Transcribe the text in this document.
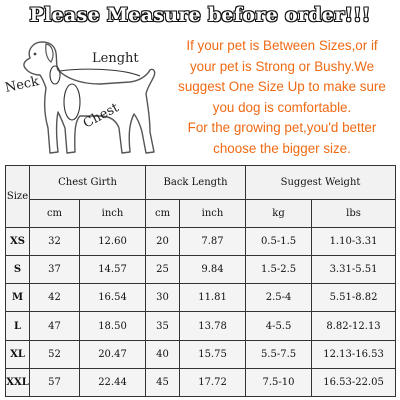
Please Measure before order!!!
Lenght
Neck
Chest
If your pet is Between Sizes,or if
your pet is Strong or Bushy.We
suggest One Size Up to make sure
you dog is comfortable.
For the growing pet,you'd better
choose the bigger size.
Size	Chest Girth		Back Length		Suggest Weight	
	cm	inch	cm	inch	kg	lbs
XS	32	12.60	20	7.87	0.5-1.5	1.10-3.31
S	37	14.57	25	9.84	1.5-2.5	3.31-5.51
M	42	16.54	30	11.81	2.5-4	5.51-8.82
L	47	18.50	35	13.78	4-5.5	8.82-12.13
XL	52	20.47	40	15.75	5.5-7.5	12.13-16.53
XXL	57	22.44	45	17.72	7.5-10	16.53-22.05
